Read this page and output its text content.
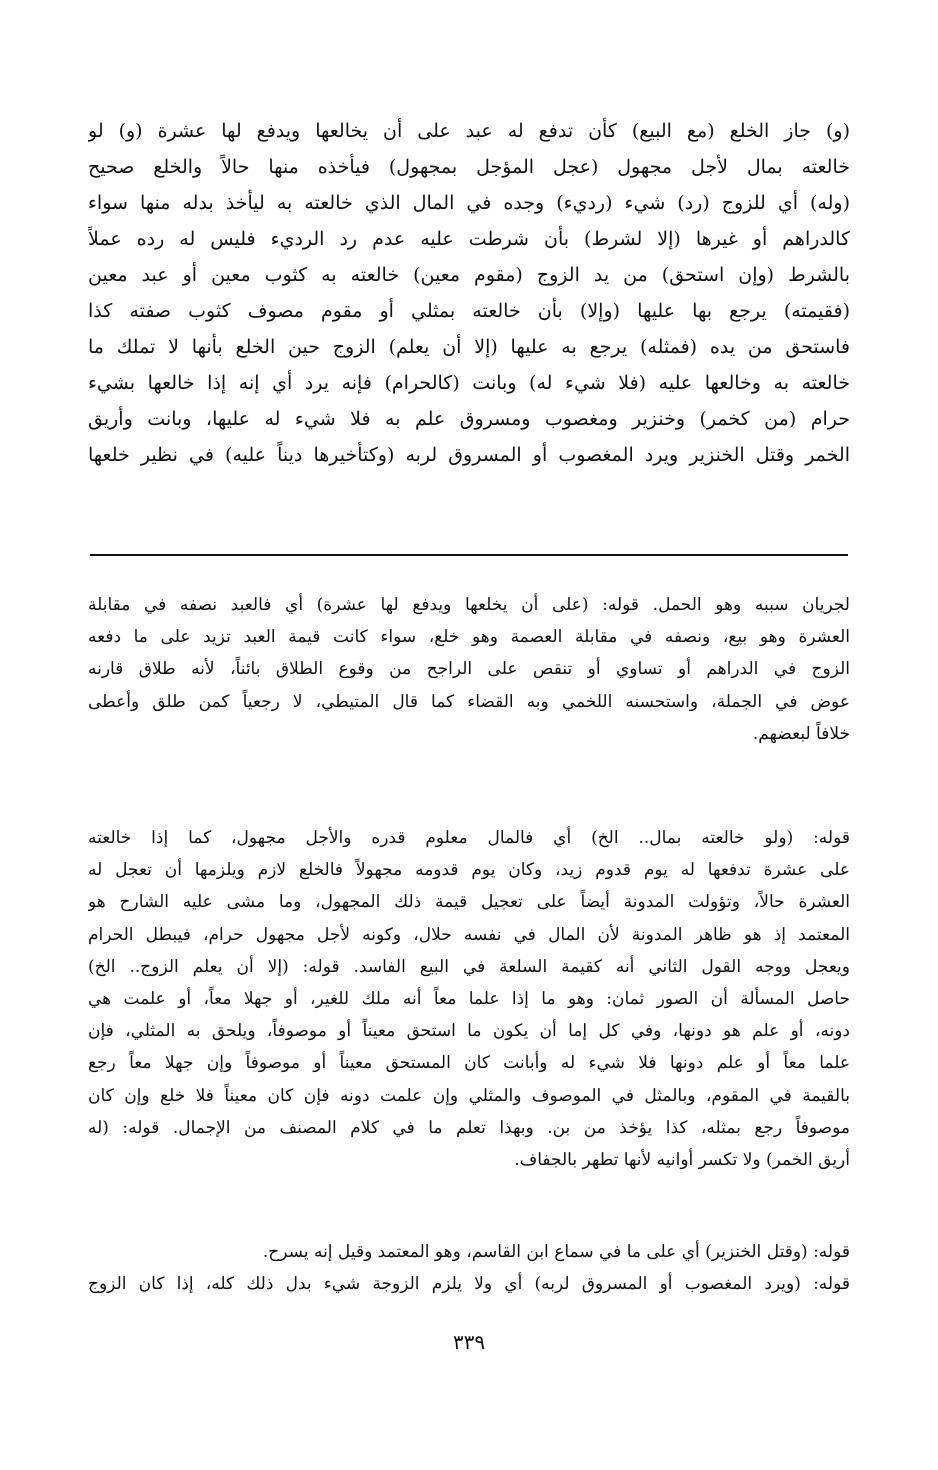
(و) جاز الخلع (مع البيع) كأن تدفع له عبد على أن يخالعها ويدفع لها عشرة (و) لو
خالعته بمال لأجل مجهول (عجل المؤجل بمجهول) فيأخذه منها حالاً والخلع صحيح
(وله) أي للزوج (رد) شيء (رديء) وجده في المال الذي خالعته به ليأخذ بدله منها سواء
كالدراهم أو غيرها (إلا لشرط) بأن شرطت عليه عدم رد الرديء فليس له رده عملاً
بالشرط (وإن استحق) من يد الزوج (مقوم معين) خالعته به كثوب معين أو عبد معين
(فقيمته) يرجع بها عليها (وإلا) بأن خالعته بمثلي أو مقوم مصوف كثوب صفته كذا
فاستحق من يده (فمثله) يرجع به عليها (إلا أن يعلم) الزوج حين الخلع بأنها لا تملك ما
خالعته به وخالعها عليه (فلا شيء له) وبانت (كالحرام) فإنه يرد أي إنه إذا خالعها بشيء
حرام (من كخمر) وخنزير ومغصوب ومسروق علم به فلا شيء له عليها، وبانت وأريق
الخمر وقتل الخنزير ويرد المغصوب أو المسروق لربه (وكتأخيرها ديناً عليه) في نظير خلعها
لجريان سببه وهو الحمل. قوله: (على أن يخلعها ويدفع لها عشرة) أي فالعبد نصفه في مقابلة
العشرة وهو بيع، ونصفه في مقابلة العصمة وهو خلع، سواء كانت قيمة العبد تزيد على ما دفعه
الزوج في الدراهم أو تساوي أو تنقص على الراجح من وقوع الطلاق بائناً، لأنه طلاق قارنه
عوض في الجملة، واستحسنه اللخمي وبه القضاء كما قال المتيطي، لا رجعياً كمن طلق وأعطى
خلافاً لبعضهم.
قوله: (ولو خالعته بمال.. الخ) أي فالمال معلوم قدره والأجل مجهول، كما إذا خالعته
على عشرة تدفعها له يوم قدوم زيد، وكان يوم قدومه مجهولاً فالخلع لازم ويلزمها أن تعجل له
العشرة حالاً، وتؤولت المدونة أيضاً على تعجيل قيمة ذلك المجهول، وما مشى عليه الشارح هو
المعتمد إذ هو ظاهر المدونة لأن المال في نفسه حلال، وكونه لأجل مجهول حرام، فيبطل الحرام
ويعجل ووجه القول الثاني أنه كقيمة السلعة في البيع الفاسد. قوله: (إلا أن يعلم الزوج.. الخ)
حاصل المسألة أن الصور ثمان: وهو ما إذا علما معاً أنه ملك للغير، أو جهلا معاً، أو علمت هي
دونه، أو علم هو دونها، وفي كل إما أن يكون ما استحق معيناً أو موصوفاً، ويلحق به المثلي، فإن
علما معاً أو علم دونها فلا شيء له وأبانت كان المستحق معيناً أو موصوفاً وإن جهلا معاً رجع
بالقيمة في المقوم، وبالمثل في الموصوف والمثلي وإن علمت دونه فإن كان معيناً فلا خلع وإن كان
موصوفاً رجع بمثله، كذا يؤخذ من بن. وبهذا تعلم ما في كلام المصنف من الإجمال. قوله: (له
أريق الخمر) ولا تكسر أوانيه لأنها تطهر بالجفاف.
قوله: (وقتل الخنزير) أي على ما في سماع ابن القاسم، وهو المعتمد وقيل إنه يسرح.
قوله: (ويرد المغصوب أو المسروق لربه) أي ولا يلزم الزوجة شيء بدل ذلك كله، إذا كان الزوج
٣٣٩
